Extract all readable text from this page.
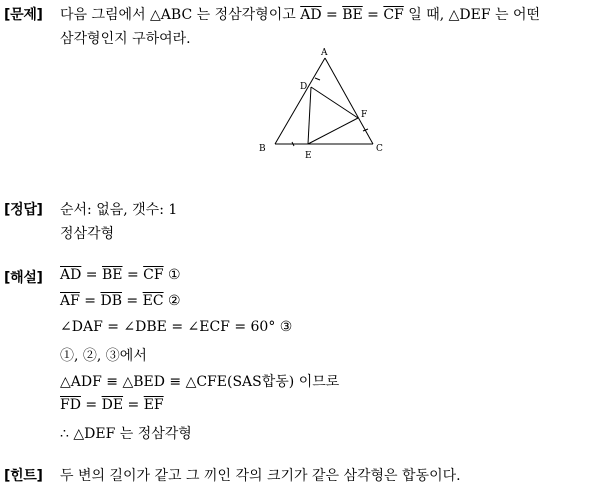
[문제] 다음 그림에서 △ABC 는 정삼각형이고 $\overline{AD} = \overline{BE} = \overline{CF}$ 일 때, △DEF 는 어떤
삼각형인지 구하여라.
A
B	C
D
E
F
[정답] 순서: 없음, 갯수: 1
정삼각형
[해설] $\overline{AD} = \overline{BE} = \overline{CF}$ ①
$\overline{AF} = \overline{DB} = \overline{EC}$ ②
∠DAF = ∠DBE = ∠ECF = 60° ③
①, ②, ③에서
△ADF ≡ △BED ≡ △CFE(SAS합동) 이므로
$\overline{FD} = \overline{DE} = \overline{EF}$
∴ △DEF 는 정삼각형
[힌트] 두 변의 길이가 같고 그 끼인 각의 크기가 같은 삼각형은 합동이다.
